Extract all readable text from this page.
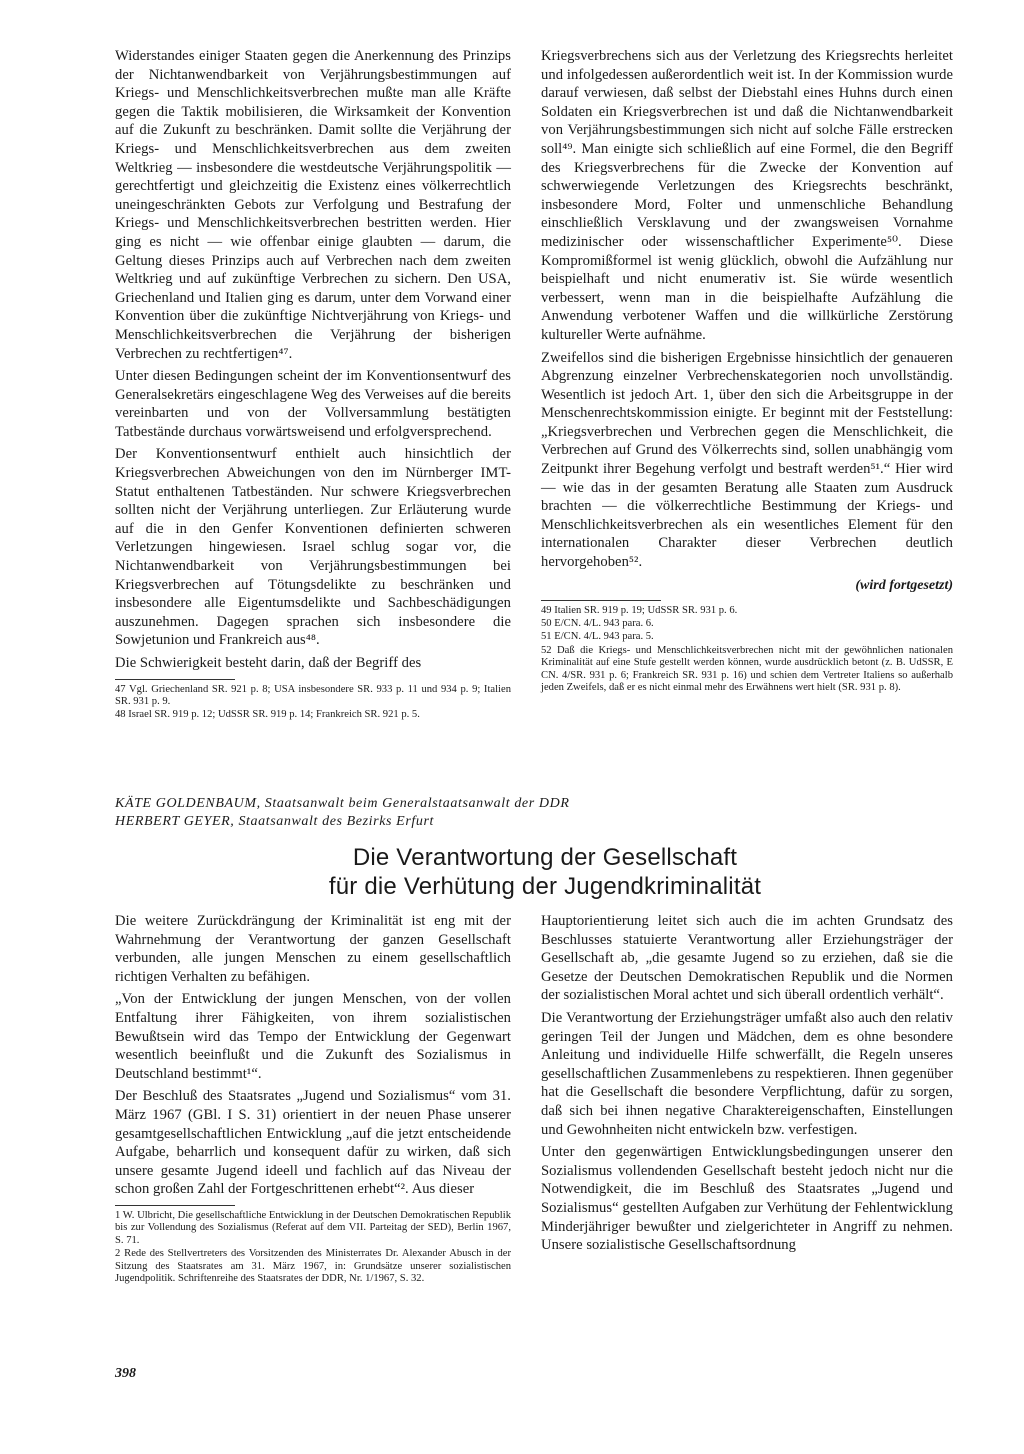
Widerstandes einiger Staaten gegen die Anerkennung des Prinzips der Nichtanwendbarkeit von Verjährungsbestimmungen auf Kriegs- und Menschlichkeitsverbrechen mußte man alle Kräfte gegen die Taktik mobilisieren, die Wirksamkeit der Konvention auf die Zukunft zu beschränken. Damit sollte die Verjährung der Kriegs- und Menschlichkeitsverbrechen aus dem zweiten Weltkrieg — insbesondere die westdeutsche Verjährungspolitik — gerechtfertigt und gleichzeitig die Existenz eines völkerrechtlich uneingeschränkten Gebots zur Verfolgung und Bestrafung der Kriegs- und Menschlichkeitsverbrechen bestritten werden. Hier ging es nicht — wie offenbar einige glaubten — darum, die Geltung dieses Prinzips auch auf Verbrechen nach dem zweiten Weltkrieg und auf zukünftige Verbrechen zu sichern. Den USA, Griechenland und Italien ging es darum, unter dem Vorwand einer Konvention über die zukünftige Nichtverjährung von Kriegs- und Menschlichkeitsverbrechen die Verjährung der bisherigen Verbrechen zu rechtfertigen⁴⁷.

Unter diesen Bedingungen scheint der im Konventionsentwurf des Generalsekretärs eingeschlagene Weg des Verweises auf die bereits vereinbarten und von der Vollversammlung bestätigten Tatbestände durchaus vorwärtsweisend und erfolgversprechend.

Der Konventionsentwurf enthielt auch hinsichtlich der Kriegsverbrechen Abweichungen von den im Nürnberger IMT-Statut enthaltenen Tatbeständen. Nur schwere Kriegsverbrechen sollten nicht der Verjährung unterliegen. Zur Erläuterung wurde auf die in den Genfer Konventionen definierten schweren Verletzungen hingewiesen. Israel schlug sogar vor, die Nichtanwendbarkeit von Verjährungsbestimmungen bei Kriegsverbrechen auf Tötungsdelikte zu beschränken und insbesondere alle Eigentumsdelikte und Sachbeschädigungen auszunehmen. Dagegen sprachen sich insbesondere die Sowjetunion und Frankreich aus⁴⁸.

Die Schwierigkeit besteht darin, daß der Begriff des

47 Vgl. Griechenland SR. 921 p. 8; USA insbesondere SR. 933 p. 11 und 934 p. 9; Italien SR. 931 p. 9.

48 Israel SR. 919 p. 12; UdSSR SR. 919 p. 14; Frankreich SR. 921 p. 5.

Kriegsverbrechens sich aus der Verletzung des Kriegsrechts herleitet und infolgedessen außerordentlich weit ist. In der Kommission wurde darauf verwiesen, daß selbst der Diebstahl eines Huhns durch einen Soldaten ein Kriegsverbrechen ist und daß die Nichtanwendbarkeit von Verjährungsbestimmungen sich nicht auf solche Fälle erstrecken soll⁴⁹. Man einigte sich schließlich auf eine Formel, die den Begriff des Kriegsverbrechens für die Zwecke der Konvention auf schwerwiegende Verletzungen des Kriegsrechts beschränkt, insbesondere Mord, Folter und unmenschliche Behandlung einschließlich Versklavung und der zwangsweisen Vornahme medizinischer oder wissenschaftlicher Experimente⁵⁰. Diese Kompromißformel ist wenig glücklich, obwohl die Aufzählung nur beispielhaft und nicht enumerativ ist. Sie würde wesentlich verbessert, wenn man in die beispielhafte Aufzählung die Anwendung verbotener Waffen und die willkürliche Zerstörung kultureller Werte aufnähme.

Zweifellos sind die bisherigen Ergebnisse hinsichtlich der genaueren Abgrenzung einzelner Verbrechenskategorien noch unvollständig. Wesentlich ist jedoch Art. 1, über den sich die Arbeitsgruppe in der Menschenrechtskommission einigte. Er beginnt mit der Feststellung: „Kriegsverbrechen und Verbrechen gegen die Menschlichkeit, die Verbrechen auf Grund des Völkerrechts sind, sollen unabhängig vom Zeitpunkt ihrer Begehung verfolgt und bestraft werden⁵¹.“ Hier wird — wie das in der gesamten Beratung alle Staaten zum Ausdruck brachten — die völkerrechtliche Bestimmung der Kriegs- und Menschlichkeitsverbrechen als ein wesentliches Element für den internationalen Charakter dieser Verbrechen deutlich hervorgehoben⁵².

(wird fortgesetzt)

49 Italien SR. 919 p. 19; UdSSR SR. 931 p. 6.

50 E/CN. 4/L. 943 para. 6.

51 E/CN. 4/L. 943 para. 5.

52 Daß die Kriegs- und Menschlichkeitsverbrechen nicht mit der gewöhnlichen nationalen Kriminalität auf eine Stufe gestellt werden können, wurde ausdrücklich betont (z. B. UdSSR, E CN. 4/SR. 931 p. 6; Frankreich SR. 931 p. 16) und schien dem Vertreter Italiens so außerhalb jeden Zweifels, daß er es nicht einmal mehr des Erwähnens wert hielt (SR. 931 p. 8).

KÄTE GOLDENBAUM, Staatsanwalt beim Generalstaatsanwalt der DDR
HERBERT GEYER, Staatsanwalt des Bezirks Erfurt
Die Verantwortung der Gesellschaft
für die Verhütung der Jugendkriminalität

Die weitere Zurückdrängung der Kriminalität ist eng mit der Wahrnehmung der Verantwortung der ganzen Gesellschaft verbunden, alle jungen Menschen zu einem gesellschaftlich richtigen Verhalten zu befähigen.

„Von der Entwicklung der jungen Menschen, von der vollen Entfaltung ihrer Fähigkeiten, von ihrem sozialistischen Bewußtsein wird das Tempo der Entwicklung der Gegenwart wesentlich beeinflußt und die Zukunft des Sozialismus in Deutschland bestimmt¹“.

Der Beschluß des Staatsrates „Jugend und Sozialismus“ vom 31. März 1967 (GBl. I S. 31) orientiert in der neuen Phase unserer gesamtgesellschaftlichen Entwicklung „auf die jetzt entscheidende Aufgabe, beharrlich und konsequent dafür zu wirken, daß sich unsere gesamte Jugend ideell und fachlich auf das Niveau der schon großen Zahl der Fortgeschrittenen erhebt“². Aus dieser

1 W. Ulbricht, Die gesellschaftliche Entwicklung in der Deutschen Demokratischen Republik bis zur Vollendung des Sozialismus (Referat auf dem VII. Parteitag der SED), Berlin 1967, S. 71.

2 Rede des Stellvertreters des Vorsitzenden des Ministerrates Dr. Alexander Abusch in der Sitzung des Staatsrates am 31. März 1967, in: Grundsätze unserer sozialistischen Jugendpolitik. Schriftenreihe des Staatsrates der DDR, Nr. 1/1967, S. 32.

Hauptorientierung leitet sich auch die im achten Grundsatz des Beschlusses statuierte Verantwortung aller Erziehungsträger der Gesellschaft ab, „die gesamte Jugend so zu erziehen, daß sie die Gesetze der Deutschen Demokratischen Republik und die Normen der sozialistischen Moral achtet und sich überall ordentlich verhält“.

Die Verantwortung der Erziehungsträger umfaßt also auch den relativ geringen Teil der Jungen und Mädchen, dem es ohne besondere Anleitung und individuelle Hilfe schwerfällt, die Regeln unseres gesellschaftlichen Zusammenlebens zu respektieren. Ihnen gegenüber hat die Gesellschaft die besondere Verpflichtung, dafür zu sorgen, daß sich bei ihnen negative Charaktereigenschaften, Einstellungen und Gewohnheiten nicht entwickeln bzw. verfestigen.

Unter den gegenwärtigen Entwicklungsbedingungen unserer den Sozialismus vollendenden Gesellschaft besteht jedoch nicht nur die Notwendigkeit, die im Beschluß des Staatsrates „Jugend und Sozialismus“ gestellten Aufgaben zur Verhütung der Fehlentwicklung Minderjähriger bewußter und zielgerichteter in Angriff zu nehmen. Unsere sozialistische Gesellschaftsordnung

398
